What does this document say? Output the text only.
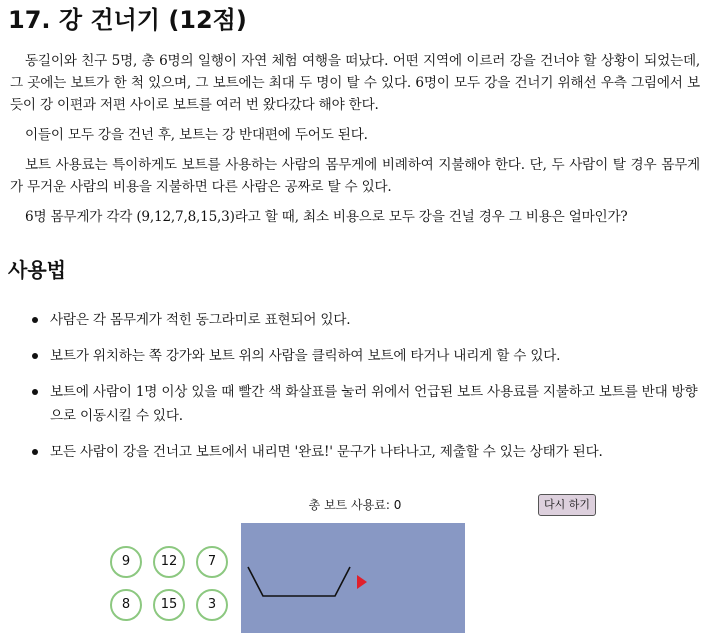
17. 강 건너기 (12점)

동길이와 친구 5명, 총 6명의 일행이 자연 체험 여행을 떠났다. 어떤 지역에 이르러 강을 건너야 할 상황이 되었는데, 그 곳에는 보트가 한 척 있으며, 그 보트에는 최대 두 명이 탈 수 있다. 6명이 모두 강을 건너기 위해선 우측 그림에서 보듯이 강 이편과 저편 사이로 보트를 여러 번 왔다갔다 해야 한다.

이들이 모두 강을 건넌 후, 보트는 강 반대편에 두어도 된다.

보트 사용료는 특이하게도 보트를 사용하는 사람의 몸무게에 비례하여 지불해야 한다. 단, 두 사람이 탈 경우 몸무게가 무거운 사람의 비용을 지불하면 다른 사람은 공짜로 탈 수 있다.

6명 몸무게가 각각 (9,12,7,8,15,3)라고 할 때, 최소 비용으로 모두 강을 건널 경우 그 비용은 얼마인가?

사용법
사람은 각 몸무게가 적힌 동그라미로 표현되어 있다.
보트가 위치하는 쪽 강가와 보트 위의 사람을 클릭하여 보트에 타거나 내리게 할 수 있다.
보트에 사람이 1명 이상 있을 때 빨간 색 화살표를 눌러 위에서 언급된 보트 사용료를 지불하고 보트를 반대 방향으로 이동시킬 수 있다.
모든 사람이 강을 건너고 보트에서 내리면 '완료!' 문구가 나타나고, 제출할 수 있는 상태가 된다.
총 보트 사용료: 0	다시 하기
9	12	7
8	15	3
